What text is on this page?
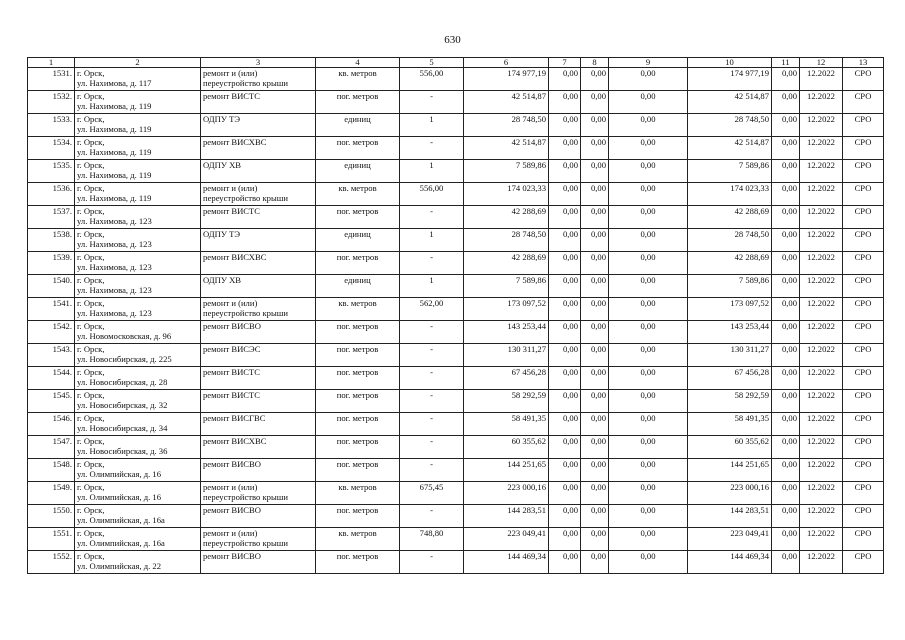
630
1	2	3	4	5	6	7	8	9	10	11	12	13
1531.	г. Орск,
ул. Нахимова, д. 117	ремонт и (или) переустройство крыши	кв. метров	556,00	174 977,19	0,00	0,00	0,00	174 977,19	0,00	12.2022	СРО
1532.	г. Орск,
ул. Нахимова, д. 119	ремонт ВИСТС	пог. метров	-	42 514,87	0,00	0,00	0,00	42 514,87	0,00	12.2022	СРО
1533.	г. Орск,
ул. Нахимова, д. 119	ОДПУ ТЭ	единиц	1	28 748,50	0,00	0,00	0,00	28 748,50	0,00	12.2022	СРО
1534.	г. Орск,
ул. Нахимова, д. 119	ремонт ВИСХВС	пог. метров	-	42 514,87	0,00	0,00	0,00	42 514,87	0,00	12.2022	СРО
1535.	г. Орск,
ул. Нахимова, д. 119	ОДПУ ХВ	единиц	1	7 589,86	0,00	0,00	0,00	7 589,86	0,00	12.2022	СРО
1536.	г. Орск,
ул. Нахимова, д. 119	ремонт и (или) переустройство крыши	кв. метров	556,00	174 023,33	0,00	0,00	0,00	174 023,33	0,00	12.2022	СРО
1537.	г. Орск,
ул. Нахимова, д. 123	ремонт ВИСТС	пог. метров	-	42 288,69	0,00	0,00	0,00	42 288,69	0,00	12.2022	СРО
1538.	г. Орск,
ул. Нахимова, д. 123	ОДПУ ТЭ	единиц	1	28 748,50	0,00	0,00	0,00	28 748,50	0,00	12.2022	СРО
1539.	г. Орск,
ул. Нахимова, д. 123	ремонт ВИСХВС	пог. метров	-	42 288,69	0,00	0,00	0,00	42 288,69	0,00	12.2022	СРО
1540.	г. Орск,
ул. Нахимова, д. 123	ОДПУ ХВ	единиц	1	7 589,86	0,00	0,00	0,00	7 589,86	0,00	12.2022	СРО
1541.	г. Орск,
ул. Нахимова, д. 123	ремонт и (или) переустройство крыши	кв. метров	562,00	173 097,52	0,00	0,00	0,00	173 097,52	0,00	12.2022	СРО
1542.	г. Орск,
ул. Новомосковская, д. 96	ремонт ВИСВО	пог. метров	-	143 253,44	0,00	0,00	0,00	143 253,44	0,00	12.2022	СРО
1543.	г. Орск,
ул. Новосибирская, д. 225	ремонт ВИСЭС	пог. метров	-	130 311,27	0,00	0,00	0,00	130 311,27	0,00	12.2022	СРО
1544.	г. Орск,
ул. Новосибирская, д. 28	ремонт ВИСТС	пог. метров	-	67 456,28	0,00	0,00	0,00	67 456,28	0,00	12.2022	СРО
1545.	г. Орск,
ул. Новосибирская, д. 32	ремонт ВИСТС	пог. метров	-	58 292,59	0,00	0,00	0,00	58 292,59	0,00	12.2022	СРО
1546.	г. Орск,
ул. Новосибирская, д. 34	ремонт ВИСГВС	пог. метров	-	58 491,35	0,00	0,00	0,00	58 491,35	0,00	12.2022	СРО
1547.	г. Орск,
ул. Новосибирская, д. 36	ремонт ВИСХВС	пог. метров	-	60 355,62	0,00	0,00	0,00	60 355,62	0,00	12.2022	СРО
1548.	г. Орск,
ул. Олимпийская, д. 16	ремонт ВИСВО	пог. метров	-	144 251,65	0,00	0,00	0,00	144 251,65	0,00	12.2022	СРО
1549.	г. Орск,
ул. Олимпийская, д. 16	ремонт и (или) переустройство крыши	кв. метров	675,45	223 000,16	0,00	0,00	0,00	223 000,16	0,00	12.2022	СРО
1550.	г. Орск,
ул. Олимпийская, д. 16а	ремонт ВИСВО	пог. метров	-	144 283,51	0,00	0,00	0,00	144 283,51	0,00	12.2022	СРО
1551.	г. Орск,
ул. Олимпийская, д. 16а	ремонт и (или) переустройство крыши	кв. метров	748,80	223 049,41	0,00	0,00	0,00	223 049,41	0,00	12.2022	СРО
1552.	г. Орск,
ул. Олимпийская, д. 22	ремонт ВИСВО	пог. метров	-	144 469,34	0,00	0,00	0,00	144 469,34	0,00	12.2022	СРО
